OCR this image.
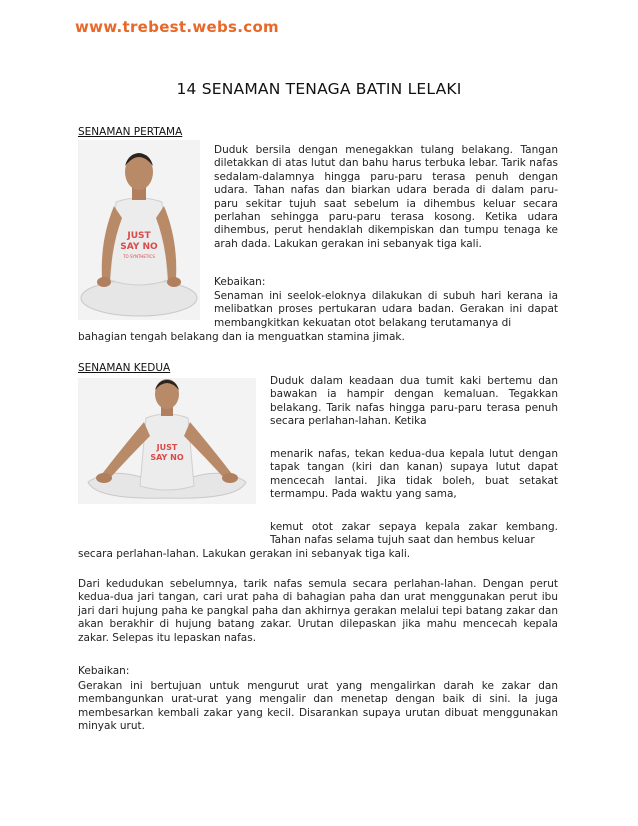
www.trebest.webs.com
14 SENAMAN TENAGA BATIN LELAKI
SENAMAN PERTAMA
JUST
SAY NO
TO SYNTHETICS

Duduk bersila dengan menegakkan tulang belakang. Tangan diletakkan di atas lutut dan bahu harus terbuka lebar. Tarik nafas sedalam-dalamnya hingga paru-paru terasa penuh dengan udara. Tahan nafas dan biarkan udara berada di dalam paru-paru sekitar tujuh saat sebelum ia dihembus keluar secara perlahan sehingga paru-paru terasa kosong. Ketika udara dihembus, perut hendaklah dikempiskan dan tumpu tenaga ke arah dada. Lakukan gerakan ini sebanyak tiga kali.

Kebaikan:

Senaman ini seelok-eloknya dilakukan di subuh hari kerana ia melibatkan proses pertukaran udara badan. Gerakan ini dapat membangkitkan kekuatan otot belakang terutamanya di

bahagian tengah belakang dan ia menguatkan stamina jimak.
SENAMAN KEDUA
JUST
SAY NO

Duduk dalam keadaan dua tumit kaki bertemu dan bawakan ia hampir dengan kemaluan. Tegakkan belakang. Tarik nafas hingga paru-paru terasa penuh secara perlahan-lahan. Ketika

menarik nafas, tekan kedua-dua kepala lutut dengan tapak tangan (kiri dan kanan) supaya lutut dapat mencecah lantai. Jika tidak boleh, buat setakat termampu. Pada waktu yang sama,

kemut otot zakar sepaya kepala zakar kembang. Tahan nafas selama tujuh saat dan hembus keluar

secara perlahan-lahan. Lakukan gerakan ini sebanyak tiga kali.

Dari kedudukan sebelumnya, tarik nafas semula secara perlahan-lahan. Dengan perut kedua-dua jari tangan, cari urat paha di bahagian paha dan urat menggunakan perut ibu jari dari hujung paha ke pangkal paha dan akhirnya gerakan melalui tepi batang zakar dan akan berakhir di hujung batang zakar. Urutan dilepaskan jika mahu mencecah kepala zakar. Selepas itu lepaskan nafas.

Kebaikan:

Gerakan ini bertujuan untuk mengurut urat yang mengalirkan darah ke zakar dan membangunkan urat-urat yang mengalir dan menetap dengan baik di sini. Ia juga membesarkan kembali zakar yang kecil. Disarankan supaya urutan dibuat menggunakan minyak urut.
